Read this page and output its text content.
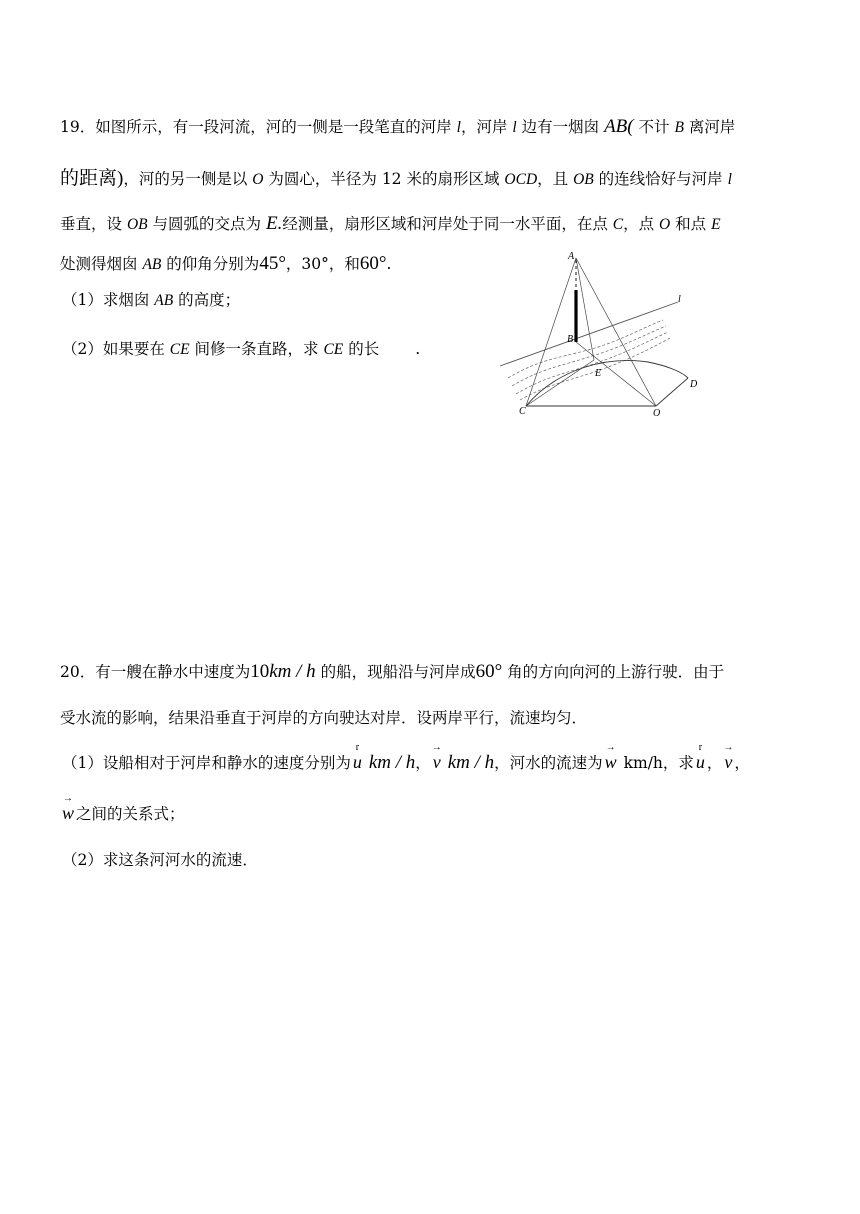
19．如图所示，有一段河流，河的一侧是一段笔直的河岸 l，河岸 l 边有一烟囱 AB( 不计 B 离河岸
的距离)，河的另一侧是以 O 为圆心，半径为 12 米的扇形区域 OCD，且 OB 的连线恰好与河岸 l
垂直，设 OB 与圆弧的交点为 E.经测量，扇形区域和河岸处于同一水平面，在点 C，点 O 和点 E
处测得烟囱 AB 的仰角分别为45°，30°，和60°.
（1）求烟囱 AB 的高度；
（2）如果要在 CE 间修一条直路，求 CE 的长 .
A
B
l
E
C	O
D
20．有一艘在静水中速度为10km / h 的船，现船沿与河岸成60° 角的方向向河的上游行驶．由于
受水流的影响，结果沿垂直于河岸的方向驶达对岸．设两岸平行，流速均匀．
（1）设船相对于河岸和静水的速度分别为
r
u km / h，
→
v km / h，河水的流速为
→
w km/h，求
r
u ，
→
v ，
→
w 之间的关系式；
（2）求这条河河水的流速．
